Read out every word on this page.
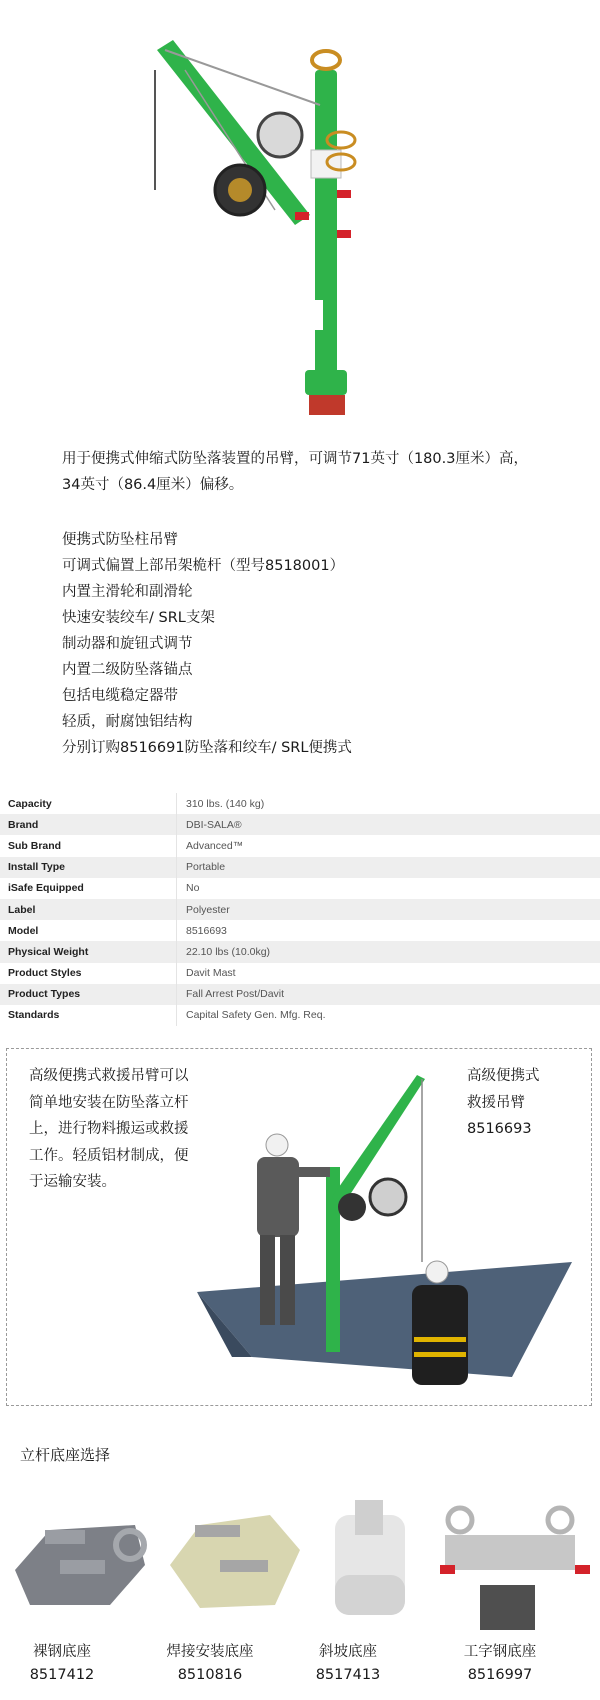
用于便携式伸缩式防坠落装置的吊臂，可调节71英寸（180.3厘米）高，
34英寸（86.4厘米）偏移。
便携式防坠柱吊臂
可调式偏置上部吊架桅杆（型号8518001）
内置主滑轮和副滑轮
快速安装绞车/ SRL支架
制动器和旋钮式调节
内置二级防坠落锚点
包括电缆稳定器带
轻质，耐腐蚀铝结构
分别订购8516691防坠落和绞车/ SRL便携式
Capacity	310 lbs. (140 kg)
Brand	DBI-SALA®
Sub Brand	Advanced™
Install Type	Portable
iSafe Equipped	No
Label	Polyester
Model	8516693
Physical Weight	22.10 lbs (10.0kg)
Product Styles	Davit Mast
Product Types	Fall Arrest Post/Davit
Standards	Capital Safety Gen. Mfg. Req.
高级便携式救援吊臂可以
简单地安装在防坠落立杆
上，进行物料搬运或救援
工作。轻质铝材制成，便
于运输安装。
高级便携式
救援吊臂
8516693
立杆底座选择
裸钢底座
8517412
焊接安装底座
8510816
斜坡底座
8517413
工字钢底座
8516997
